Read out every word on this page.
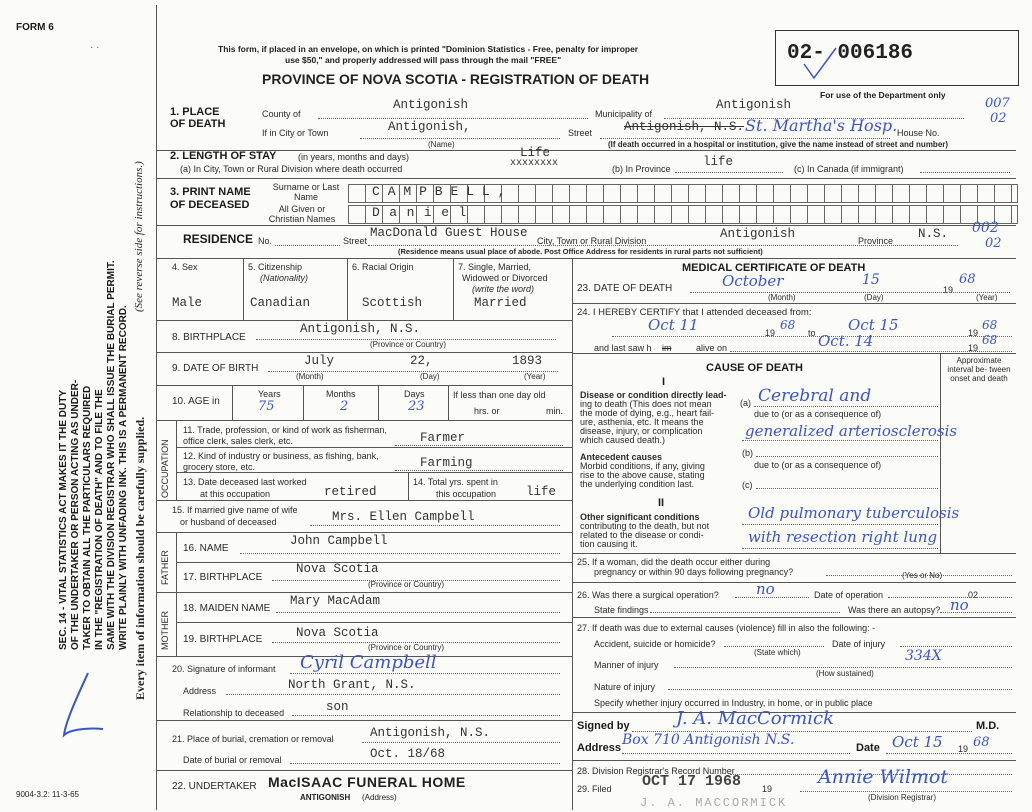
FORM 6
· ·
SEC. 14 - VITAL STATISTICS ACT MAKES IT THE DUTY OF THE UNDERTAKER OR PERSON ACTING AS UNDER- TAKER TO OBTAIN ALL THE PARTICULARS REQUIRED IN THE "REGISTRATION OF DEATH" AND TO FILE THE SAME WITH THE DIVISION REGISTRAR WHO SHALL ISSUE THE BURIAL PERMIT. WRITE PLAINLY WITH UNFADING INK. THIS IS A PERMANENT RECORD. Every item of information should be carefully supplied.
(See reverse side for instructions.)
9004-3.2: 11-3-65
This form, if placed in an envelope, on which is printed "Dominion Statistics - Free, penalty for improper
use $50," and properly addressed will pass through the mail "FREE"
PROVINCE OF NOVA SCOTIA - REGISTRATION OF DEATH
02- 006186
For use of the Department only
007
02
1. PLACE OF DEATH
County of
Antigonish
Municipality of
Antigonish
If in City or Town	Antigonish,
(Name)
Street	Antigonish, N.S. St. Martha's Hosp. House No.
(If death occurred in a hospital or institution, give the name instead of street and number)
2. LENGTH OF STAY (in years, months and days)
(a) In City, Town or Rural Division where death occurred
Life
xxxxxxxx	(b) In Province	life	(c) In Canada (if immigrant)
3. PRINT NAME OF DECEASED
Surname or Last Name
All Given or Christian Names
CAMPBELL,
Daniel
RESIDENCE No.	Street
MacDonald Guest House
City, Town or Rural Division	Antigonish	Province N.S. 002
02
(Residence means usual place of abode. Post Office Address for residents in rural parts not sufficient)
4. Sex
Male
5. Citizenship
(Nationality)
Canadian
6. Racial Origin
Scottish
7. Single, Married,
Widowed or Divorced
(write the word)
Married
8. BIRTHPLACE
Antigonish, N.S.
(Province or Country)
9. DATE OF BIRTH
July	22,	1893
(Month)	(Day)	(Year)
10. AGE in
Years
75
Months
2
Days
23
If less than one day old
hrs. or	min.
OCCUPATION
11. Trade, profession, or kind of work as fisherman, office clerk, sales clerk, etc.	Farmer
12. Kind of industry or business, as fishing, bank, grocery store, etc.	Farming
13. Date deceased last worked
at this occupation	retired
14. Total yrs. spent in
this occupation life
15. If married give name of wife
or husband of deceased	Mrs. Ellen Campbell
FATHER
16. NAME
John Campbell
17. BIRTHPLACE
Nova Scotia
(Province or Country)
MOTHER
18. MAIDEN NAME
Mary MacAdam
19. BIRTHPLACE	Nova Scotia
(Province or Country)
20. Signature of informant Cyril Campbell
Address	North Grant, N.S.
Relationship to deceased	son
21. Place of burial, cremation or removal	Antigonish, N.S.
Date of burial or removal	Oct. 18/68
22. UNDERTAKER MacISAAC FUNERAL HOME
ANTIGONISH (Address)
MEDICAL CERTIFICATE OF DEATH
23. DATE OF DEATH	October	15
19
68
(Month)	(Day)	(Year)
24. I HEREBY CERTIFY that I attended deceased from:
Oct 11	19
68
to Oct 15	19
68
and last saw h im	alive on	Oct. 14	19
68
CAUSE OF DEATH
Approximate interval be- tween onset and death
I
Disease or condition directly lead-
ing to death (This does not mean
the mode of dying, e.g., heart fail-
ure, asthenia, etc. It means the
disease, injury, or complication
which caused death.)
(a) Cerebral and
due to (or as a consequence of)
generalized arteriosclerosis
Antecedent causes
Morbid conditions, if any, giving
rise to the above cause, stating
the underlying condition last.
(b)
due to (or as a consequence of)
(c)
II
Other significant conditions
contributing to the death, but not
related to the disease or condi-
tion causing it.
Old pulmonary tuberculosis
with resection right lung
25. If a woman, did the death occur either during
pregnancy or within 90 days following pregnancy?	(Yes or No)
26. Was there a surgical operation? no	Date of operation	02
State findings	Was there an autopsy? no
27. If death was due to external causes (violence) fill in also the following: -
Accident, suicide or homicide?	Date of injury
(State which)
Manner of injury
334X
(How sustained)
Nature of injury
Specify whether injury occurred in Industry, in home, or in public place
Signed by	J. A. MacCormick	M.D.
Address Box 710 Antigonish N.S.	Date Oct 15 19 68
28. Division Registrar's Record Number
29. Filed OCT 17 1968 19
Annie Wilmot
(Division Registrar)
J. A. MACCORMICK
